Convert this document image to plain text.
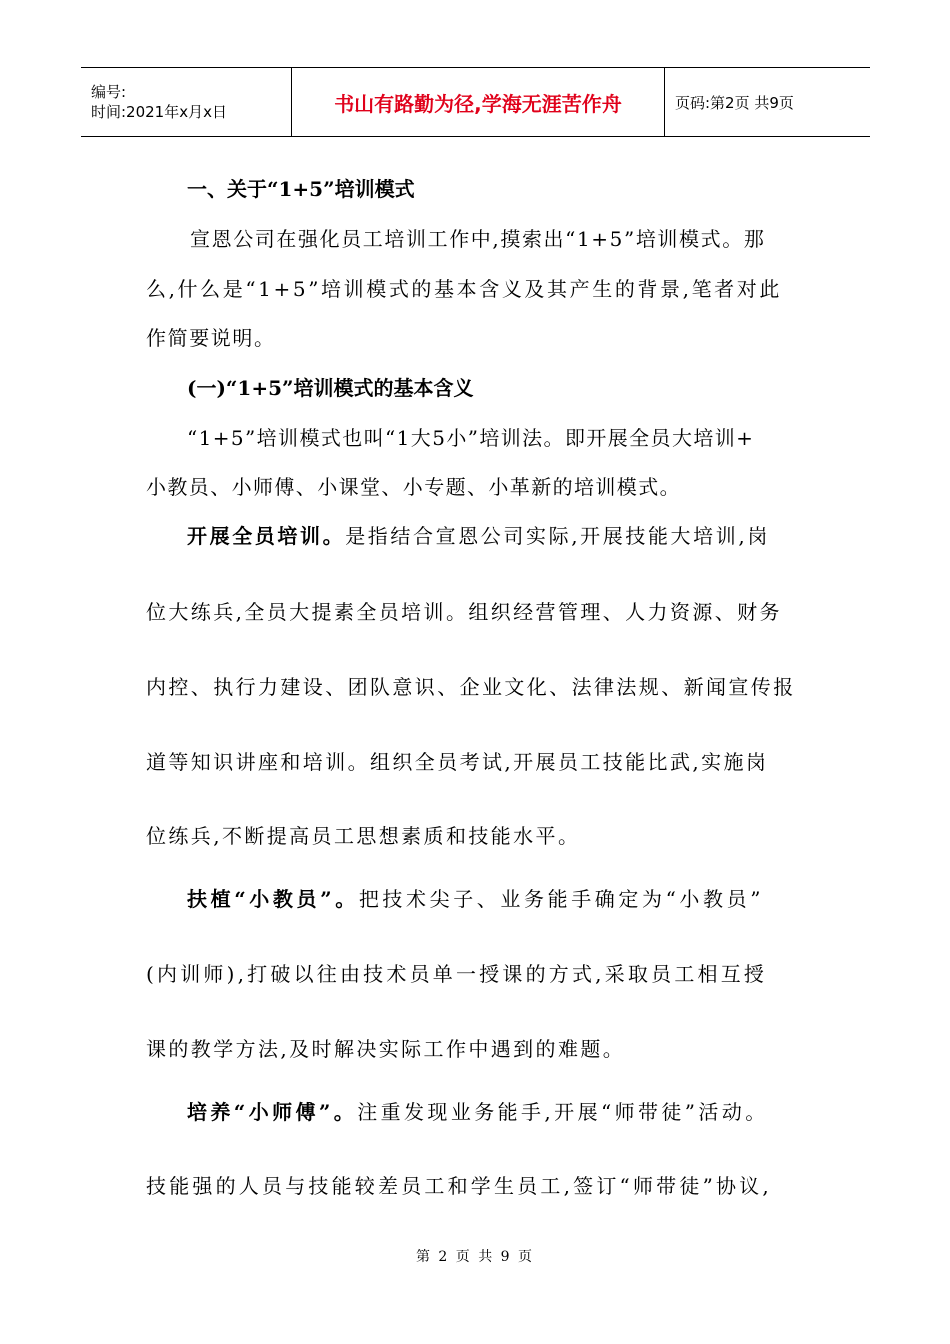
编号:
时间:2021年x月x日	书山有路勤为径,学海无涯苦作舟	页码:第2页 共9页
一、关于“1+5”培训模式
宣恩公司在强化员工培训工作中,摸索出“1+5”培训模式。那
么,什么是“1+5”培训模式的基本含义及其产生的背景,笔者对此
作简要说明。
(一)“1+5”培训模式的基本含义
“1+5”培训模式也叫“1大5小”培训法。即开展全员大培训+
小教员、小师傅、小课堂、小专题、小革新的培训模式。
开展全员培训。是指结合宣恩公司实际,开展技能大培训,岗
位大练兵,全员大提素全员培训。组织经营管理、人力资源、财务
内控、执行力建设、团队意识、企业文化、法律法规、新闻宣传报
道等知识讲座和培训。组织全员考试,开展员工技能比武,实施岗
位练兵,不断提高员工思想素质和技能水平。
扶植“小教员”。把技术尖子、业务能手确定为“小教员”
(内训师),打破以往由技术员单一授课的方式,采取员工相互授
课的教学方法,及时解决实际工作中遇到的难题。
培养“小师傅”。注重发现业务能手,开展“师带徒”活动。
技能强的人员与技能较差员工和学生员工,签订“师带徒”协议,
第 2 页 共 9 页
